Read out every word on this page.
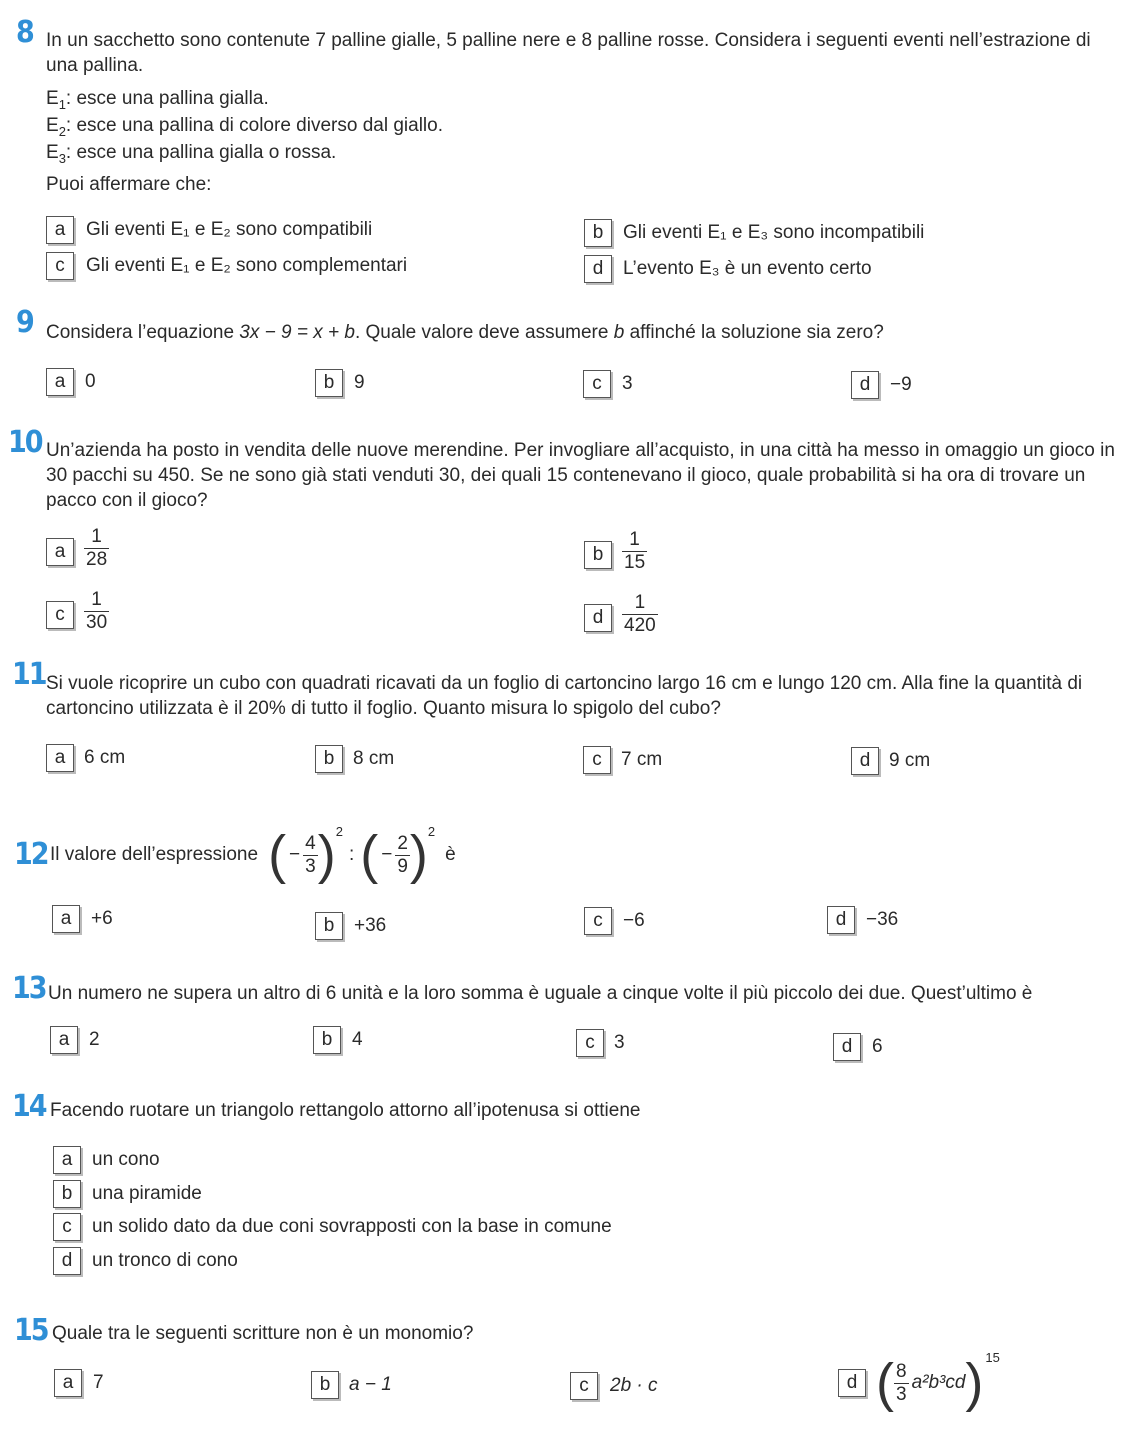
8 In un sacchetto sono contenute 7 palline gialle, 5 palline nere e 8 palline rosse. Considera i seguenti eventi nell’estrazione di una pallina.
$E_1$: esce una pallina gialla.
$E_2$: esce una pallina di colore diverso dal giallo.
$E_3$: esce una pallina gialla o rossa.
Puoi affermare che:
a	Gli eventi E₁ e E₂ sono compatibili	b	Gli eventi E₁ e E₃ sono incompatibili
c	Gli eventi E₁ e E₂ sono complementari	d	L’evento E₃ è un evento certo
9 Considera l’equazione 3x − 9 = x + b. Quale valore deve assumere b affinché la soluzione sia zero?
a	0	b	9	c	3	d	−9
10 Un’azienda ha posto in vendita delle nuove merendine. Per invogliare all’acquisto, in una città ha messo in omaggio un gioco in 30 pacchi su 450. Se ne sono già stati venduti 30, dei quali 15 contenevano il gioco, quale probabilità si ha ora di trovare un pacco con il gioco?
a $\frac{1}{28}$	b $\frac{1}{15}$
c	$\frac{1}{30}$	d $\frac{1}{420}$
11 Si vuole ricoprire un cubo con quadrati ricavati da un foglio di cartoncino largo 16 cm e lungo 120 cm. Alla fine la quantità di cartoncino utilizzata è il 20% di tutto il foglio. Quanto misura lo spigolo del cubo?
a 6 cm	b 8 cm	c	7 cm	d 9 cm
12 Il valore dell’espressione ( − $\frac{4}{3}$ ) 2
: ( − $\frac{2}{9}$ ) 2
è
a	+6	b	+36	c	−6	d	−36
13 Un numero ne supera un altro di 6 unità e la loro somma è uguale a cinque volte il più piccolo dei due. Quest’ultimo è
a	2	b	4	c	3	d	6
14 Facendo ruotare un triangolo rettangolo attorno all’ipotenusa si ottiene
a	un cono
b	una piramide
c	un solido dato da due coni sovrapposti con la base in comune
d	un tronco di cono
15 Quale tra le seguenti scritture non è un monomio?
a	7	b a − 1	c	2b · c	d ( $\frac{8}{3} a^2b^3cd$ ) 15
